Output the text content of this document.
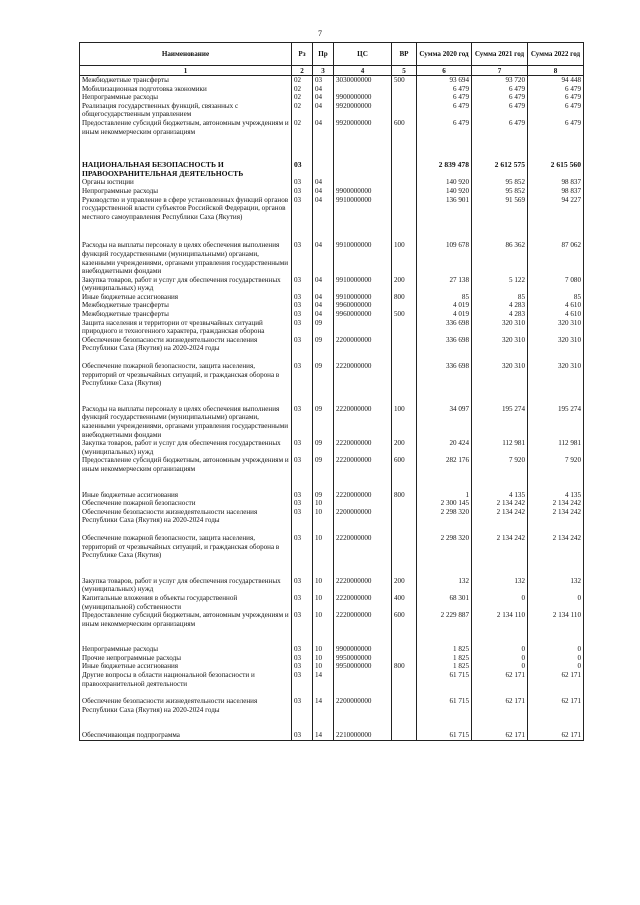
7
Наименование	Рз	Пр	ЦС	ВР	Сумма 2020 год	Сумма 2021 год	Сумма 2022 год
1	2	3	4	5	6	7	8
Межбюджетные трансферты	02	03	3030000000	500	93 694	93 720	94 448
Мобилизационная подготовка экономики	02	04			6 479	6 479	6 479
Непрограммные расходы	02	04	9900000000		6 479	6 479	6 479
Реализация государственных функций, связанных с общегосударственным управлением	02	04	9920000000		6 479	6 479	6 479
Предоставление субсидий бюджетным, автономным учреждениям и иным некоммерческим организациям	02	04	9920000000	600	6 479	6 479	6 479
НАЦИОНАЛЬНАЯ БЕЗОПАСНОСТЬ И ПРАВООХРАНИТЕЛЬНАЯ ДЕЯТЕЛЬНОСТЬ	03				2 839 478	2 612 575	2 615 560
Органы юстиции	03	04			140 920	95 852	98 837
Непрограммные расходы	03	04	9900000000		140 920	95 852	98 837
Руководство и управление в сфере установленных функций органов государственной власти субъектов Российской Федерации, органов местного самоуправления Республики Саха (Якутия)	03	04	9910000000		136 901	91 569	94 227
Расходы на выплаты персоналу в целях обеспечения выполнения функций государственными (муниципальными) органами, казенными учреждениями, органами управления государственными внебюджетными фондами	03	04	9910000000	100	109 678	86 362	87 062
Закупка товаров, работ и услуг для обеспечения государственных (муниципальных) нужд	03	04	9910000000	200	27 138	5 122	7 080
Иные бюджетные ассигнования	03	04	9910000000	800	85	85	85
Межбюджетные трансферты	03	04	9960000000		4 019	4 283	4 610
Межбюджетные трансферты	03	04	9960000000	500	4 019	4 283	4 610
Защита населения и территории от чрезвычайных ситуаций природного и техногенного характера, гражданская оборона	03	09			336 698	320 310	320 310
Обеспечение безопасности жизнедеятельности населения Республики Саха (Якутия) на 2020-2024 годы	03	09	2200000000		336 698	320 310	320 310
Обеспечение пожарной безопасности, защита населения, территорий от чрезвычайных ситуаций, и гражданская оборона в Республике Саха (Якутия)	03	09	2220000000		336 698	320 310	320 310
Расходы на выплаты персоналу в целях обеспечения выполнения функций государственными (муниципальными) органами, казенными учреждениями, органами управления государственными внебюджетными фондами	03	09	2220000000	100	34 097	195 274	195 274
Закупка товаров, работ и услуг для обеспечения государственных (муниципальных) нужд	03	09	2220000000	200	20 424	112 981	112 981
Предоставление субсидий бюджетным, автономным учреждениям и иным некоммерческим организациям	03	09	2220000000	600	282 176	7 920	7 920
Иные бюджетные ассигнования	03	09	2220000000	800	1	4 135	4 135
Обеспечение пожарной безопасности	03	10			2 300 145	2 134 242	2 134 242
Обеспечение безопасности жизнедеятельности населения Республики Саха (Якутия) на 2020-2024 годы	03	10	2200000000		2 298 320	2 134 242	2 134 242
Обеспечение пожарной безопасности, защита населения, территорий от чрезвычайных ситуаций, и гражданская оборона в Республике Саха (Якутия)	03	10	2220000000		2 298 320	2 134 242	2 134 242
Закупка товаров, работ и услуг для обеспечения государственных (муниципальных) нужд	03	10	2220000000	200	132	132	132
Капитальные вложения в объекты государственной (муниципальной) собственности	03	10	2220000000	400	68 301	0	0
Предоставление субсидий бюджетным, автономным учреждениям и иным некоммерческим организациям	03	10	2220000000	600	2 229 887	2 134 110	2 134 110
Непрограммные расходы	03	10	9900000000		1 825	0	0
Прочие непрограммные расходы	03	10	9950000000		1 825	0	0
Иные бюджетные ассигнования	03	10	9950000000	800	1 825	0	0
Другие вопросы в области национальной безопасности и правоохранительной деятельности	03	14			61 715	62 171	62 171
Обеспечение безопасности жизнедеятельности населения Республики Саха (Якутия) на 2020-2024 годы	03	14	2200000000		61 715	62 171	62 171
Обеспечивающая подпрограмма	03	14	2210000000		61 715	62 171	62 171
